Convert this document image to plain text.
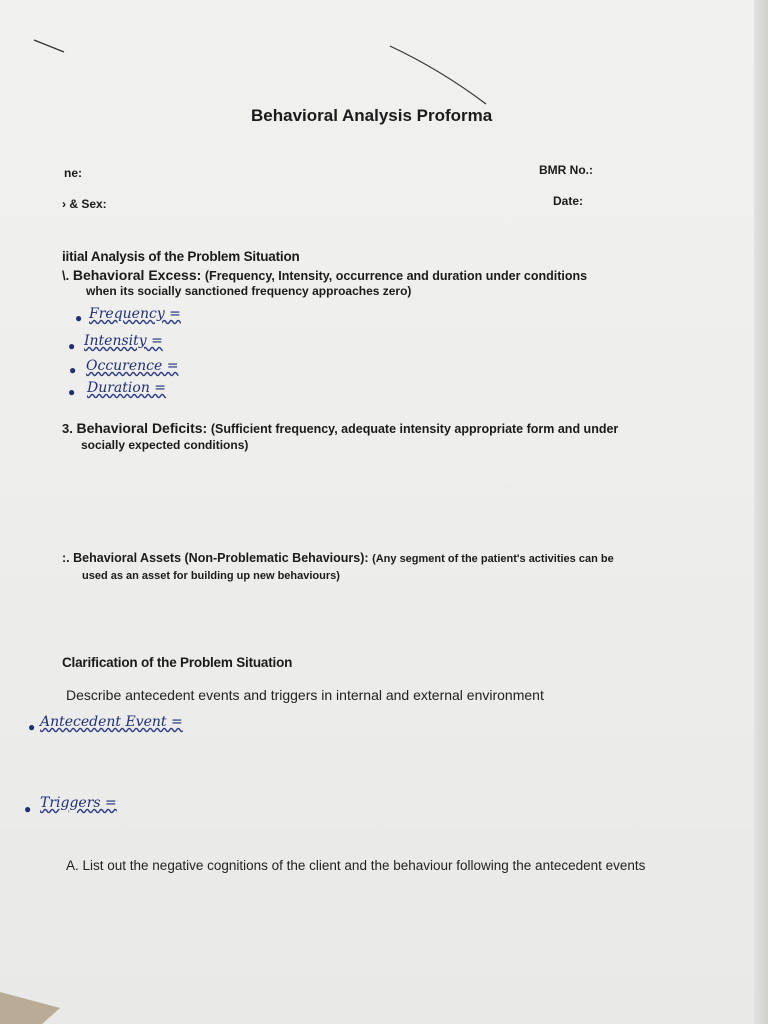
Behavioral Analysis Proforma
ne:	BMR No.:
› & Sex:	Date:
iitial Analysis of the Problem Situation
\. Behavioral Excess: (Frequency, Intensity, occurrence and duration under conditions
when its socially sanctioned frequency approaches zero)
● Frequency =
● Intensity =
● Occurence =
● Duration =
3. Behavioral Deficits: (Sufficient frequency, adequate intensity appropriate form and under
socially expected conditions)
:. Behavioral Assets (Non-Problematic Behaviours): (Any segment of the patient's activities can be
used as an asset for building up new behaviours)
Clarification of the Problem Situation
Describe antecedent events and triggers in internal and external environment
● Antecedent Event =
● Triggers =
A. List out the negative cognitions of the client and the behaviour following the antecedent events
